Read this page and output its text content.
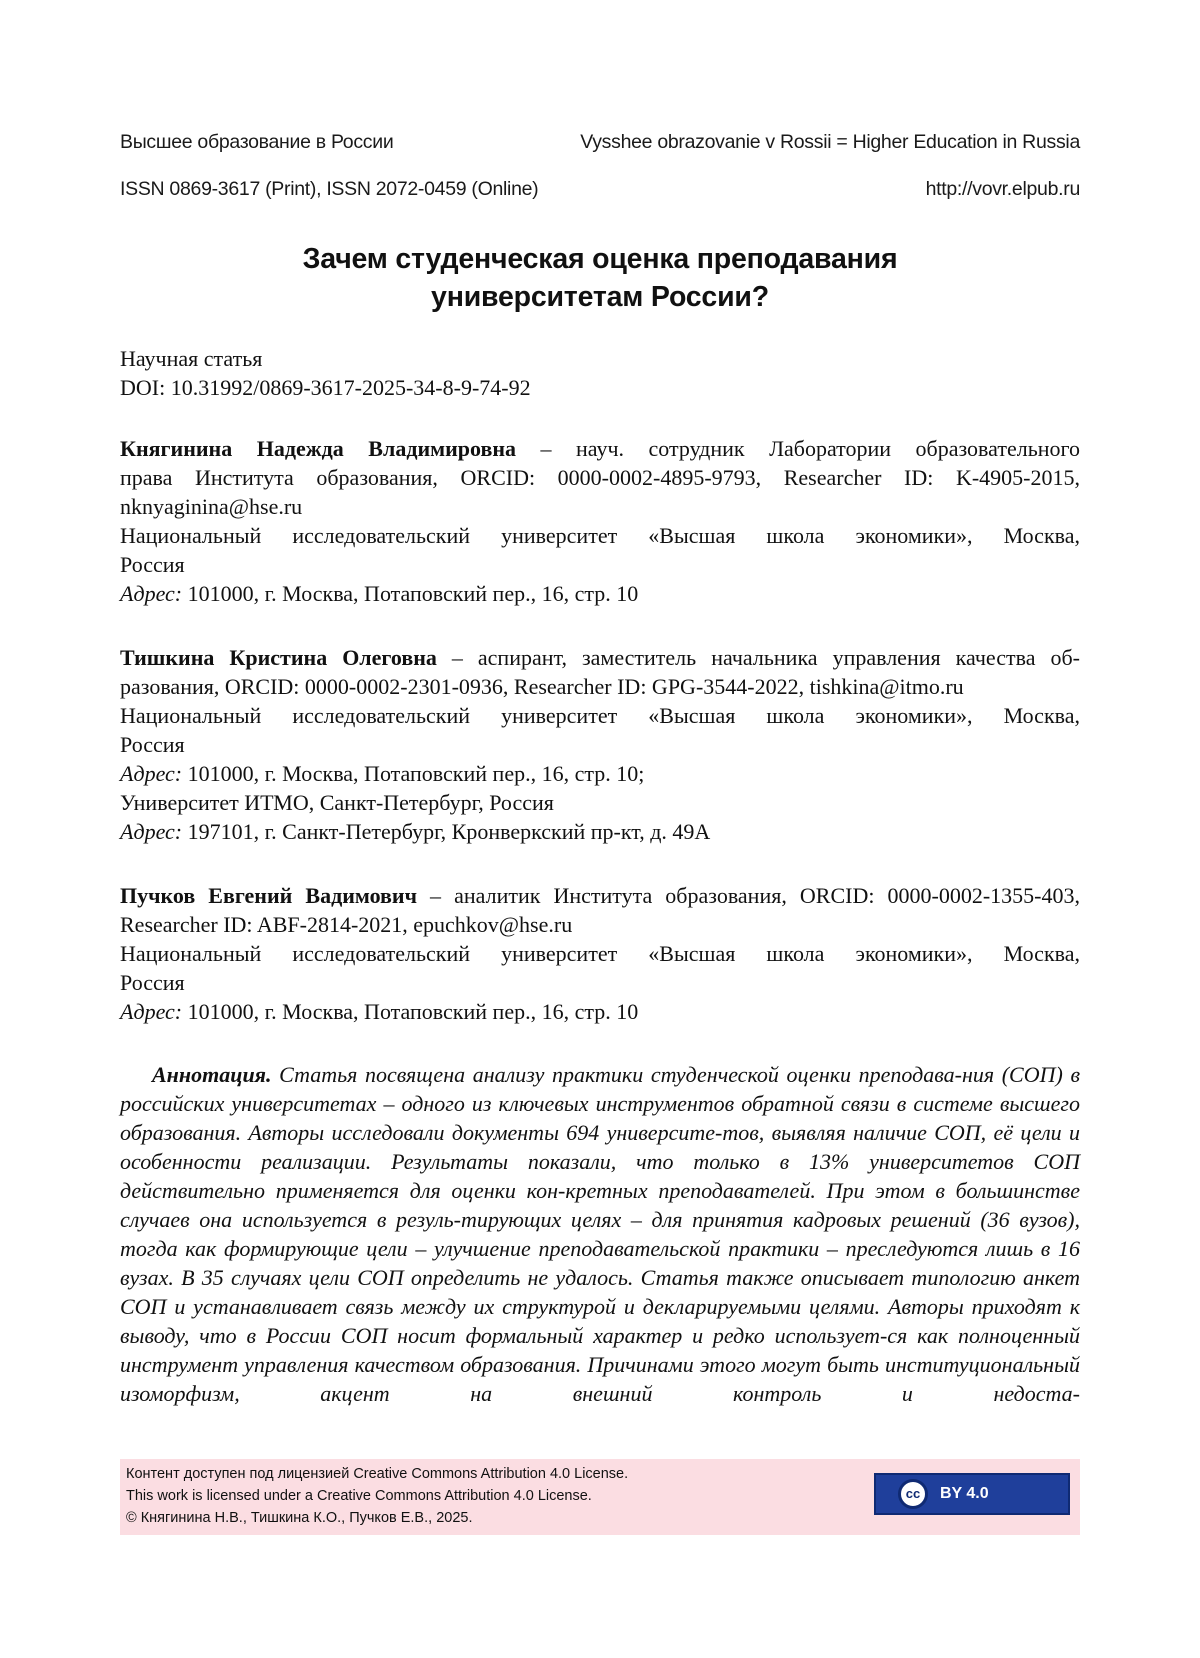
Высшее образование в России	Vysshee obrazovanie v Rossii = Higher Education in Russia
ISSN 0869-3617 (Print), ISSN 2072-0459 (Online)	http://vovr.elpub.ru
Зачем студенческая оценка преподавания
университетам России?
Научная статья
DOI: 10.31992/0869-3617-2025-34-8-9-74-92

Княгинина Надежда Владимировна – науч. сотрудник Лаборатории образовательного

права Института образования, ORCID: 0000-0002-4895-9793, Researcher ID: K-4905-2015,

nknyaginina@hse.ru

Национальный исследовательский университет «Высшая школа экономики», Москва,

Россия

Адрес: 101000, г. Москва, Потаповский пер., 16, стр. 10

Тишкина Кристина Олеговна – аспирант, заместитель начальника управления качества об-

разования, ORCID: 0000-0002-2301-0936, Researcher ID: GPG-3544-2022, tishkina@itmo.ru

Национальный исследовательский университет «Высшая школа экономики», Москва,

Россия

Адрес: 101000, г. Москва, Потаповский пер., 16, стр. 10;

Университет ИТМО, Санкт-Петербург, Россия

Адрес: 197101, г. Санкт-Петербург, Кронверкский пр-кт, д. 49А

Пучков Евгений Вадимович – аналитик Института образования, ORCID: 0000-0002-1355-403,

Researcher ID: ABF-2814-2021, epuchkov@hse.ru

Национальный исследовательский университет «Высшая школа экономики», Москва,

Россия

Адрес: 101000, г. Москва, Потаповский пер., 16, стр. 10

Аннотация. Статья посвящена анализу практики студенческой оценки преподава-ния (СОП) в российских университетах – одного из ключевых инструментов обратной связи в системе высшего образования. Авторы исследовали документы 694 университе-тов, выявляя наличие СОП, её цели и особенности реализации. Результаты показали, что только в 13% университетов СОП действительно применяется для оценки кон-кретных преподавателей. При этом в большинстве случаев она используется в резуль-тирующих целях – для принятия кадровых решений (36 вузов), тогда как формирующие цели – улучшение преподавательской практики – преследуются лишь в 16 вузах. В 35 случаях цели СОП определить не удалось. Статья также описывает типологию анкет СОП и устанавливает связь между их структурой и декларируемыми целями. Авторы приходят к выводу, что в России СОП носит формальный характер и редко использует-ся как полноценный инструмент управления качеством образования. Причинами этого могут быть институциональный изоморфизм, акцент на внешний контроль и недоста-

Контент доступен под лицензией Creative Commons Attribution 4.0 License.
This work is licensed under a Creative Commons Attribution 4.0 License.
© Княгинина Н.В., Тишкина К.О., Пучков Е.В., 2025.
cc	BY 4.0
